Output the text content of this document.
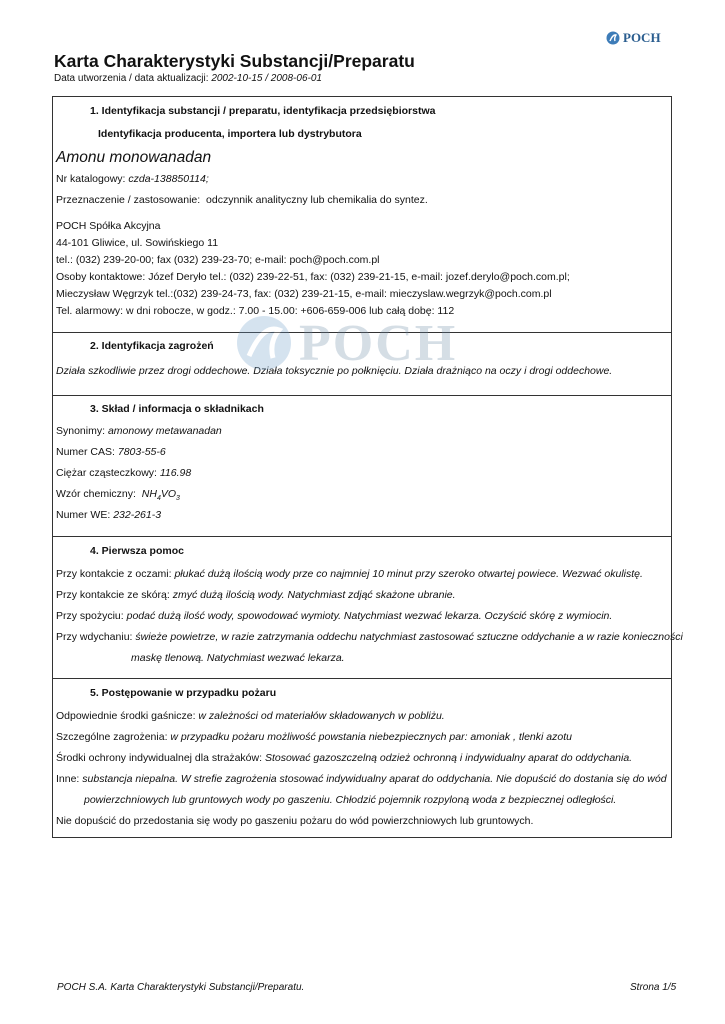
POCH
Karta Charakterystyki Substancji/Preparatu
Data utworzenia / data aktualizacji: 2002-10-15 / 2008-06-01
1. Identyfikacja substancji / preparatu, identyfikacja przedsiębiorstwa
Identyfikacja producenta, importera lub dystrybutora
Amonu monowanadan
Nr katalogowy: czda-138850114;
Przeznaczenie / zastosowanie: odczynnik analityczny lub chemikalia do syntez.
POCH Spółka Akcyjna
44-101 Gliwice, ul. Sowińskiego 11
tel.: (032) 239-20-00; fax (032) 239-23-70; e-mail: poch@poch.com.pl
Osoby kontaktowe: Józef Deryło tel.: (032) 239-22-51, fax: (032) 239-21-15, e-mail: jozef.derylo@poch.com.pl;
Mieczysław Węgrzyk tel.:(032) 239-24-73, fax: (032) 239-21-15, e-mail: mieczyslaw.wegrzyk@poch.com.pl
Tel. alarmowy: w dni robocze, w godz.: 7.00 - 15.00: +606-659-006 lub całą dobę: 112
2. Identyfikacja zagrożeń
Działa szkodliwie przez drogi oddechowe. Działa toksycznie po połknięciu. Działa drażniąco na oczy i drogi oddechowe.
3. Skład / informacja o składnikach
Synonimy: amonowy metawanadan
Numer CAS: 7803-55-6
Ciężar cząsteczkowy: 116.98
Wzór chemiczny: $NH_4VO_3$
Numer WE: 232-261-3
4. Pierwsza pomoc
Przy kontakcie z oczami: płukać dużą ilością wody prze co najmniej 10 minut przy szeroko otwartej powiece. Wezwać okulistę.
Przy kontakcie ze skórą: zmyć dużą ilością wody. Natychmiast zdjąć skażone ubranie.
Przy spożyciu: podać dużą ilość wody, spowodować wymioty. Natychmiast wezwać lekarza. Oczyścić skórę z wymiocin.
Przy wdychaniu: świeże powietrze, w razie zatrzymania oddechu natychmiast zastosować sztuczne oddychanie a w razie konieczności
maskę tlenową. Natychmiast wezwać lekarza.
5. Postępowanie w przypadku pożaru
Odpowiednie środki gaśnicze: w zależności od materiałów składowanych w pobliżu.
Szczególne zagrożenia: w przypadku pożaru możliwość powstania niebezpiecznych par: amoniak , tlenki azotu
Środki ochrony indywidualnej dla strażaków: Stosować gazoszczelną odzież ochronną i indywidualny aparat do oddychania.
Inne: substancja niepalna. W strefie zagrożenia stosować indywidualny aparat do oddychania. Nie dopuścić do dostania się do wód
powierzchniowych lub gruntowych wody po gaszeniu. Chłodzić pojemnik rozpyloną woda z bezpiecznej odległości.
Nie dopuścić do przedostania się wody po gaszeniu pożaru do wód powierzchniowych lub gruntowych.
POCH
POCH S.A. Karta Charakterystyki Substancji/Preparatu.	Strona 1/5
